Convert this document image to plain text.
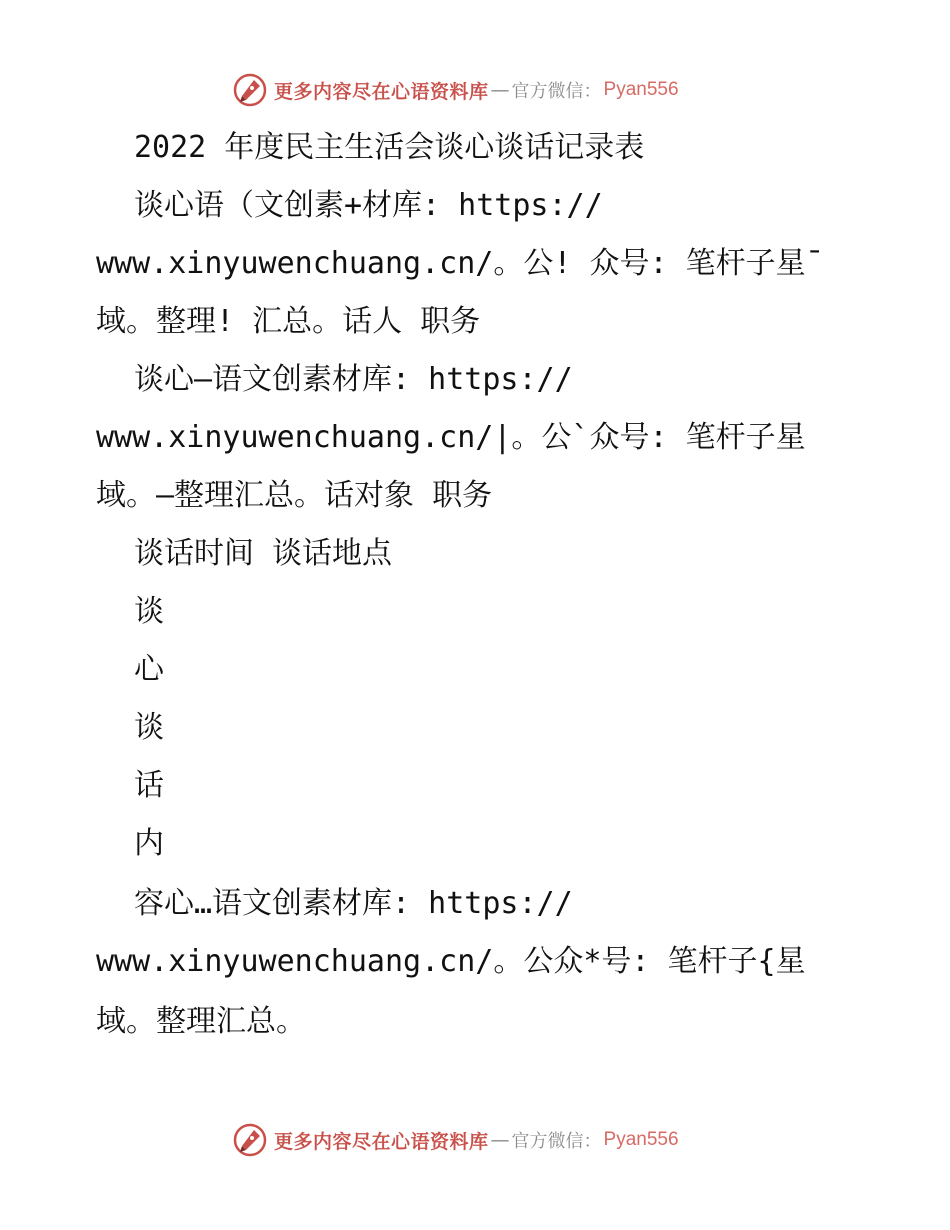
更多内容尽在心语资料库 — 官方微信： Pyan556
2022 年度民主生活会谈心谈话记录表
谈心语（文创素+材库: https://
www.xinyuwenchuang.cn/。公! 众号: 笔杆子星¯
域。整理! 汇总。话人 职务
谈心—语文创素材库: https://
www.xinyuwenchuang.cn/|。公`众号: 笔杆子星
域。—整理汇总。话对象 职务
谈话时间 谈话地点
谈
心
谈
话
内
容心…语文创素材库: https://
www.xinyuwenchuang.cn/。公众*号: 笔杆子{星
域。整理汇总。
更多内容尽在心语资料库 — 官方微信： Pyan556
